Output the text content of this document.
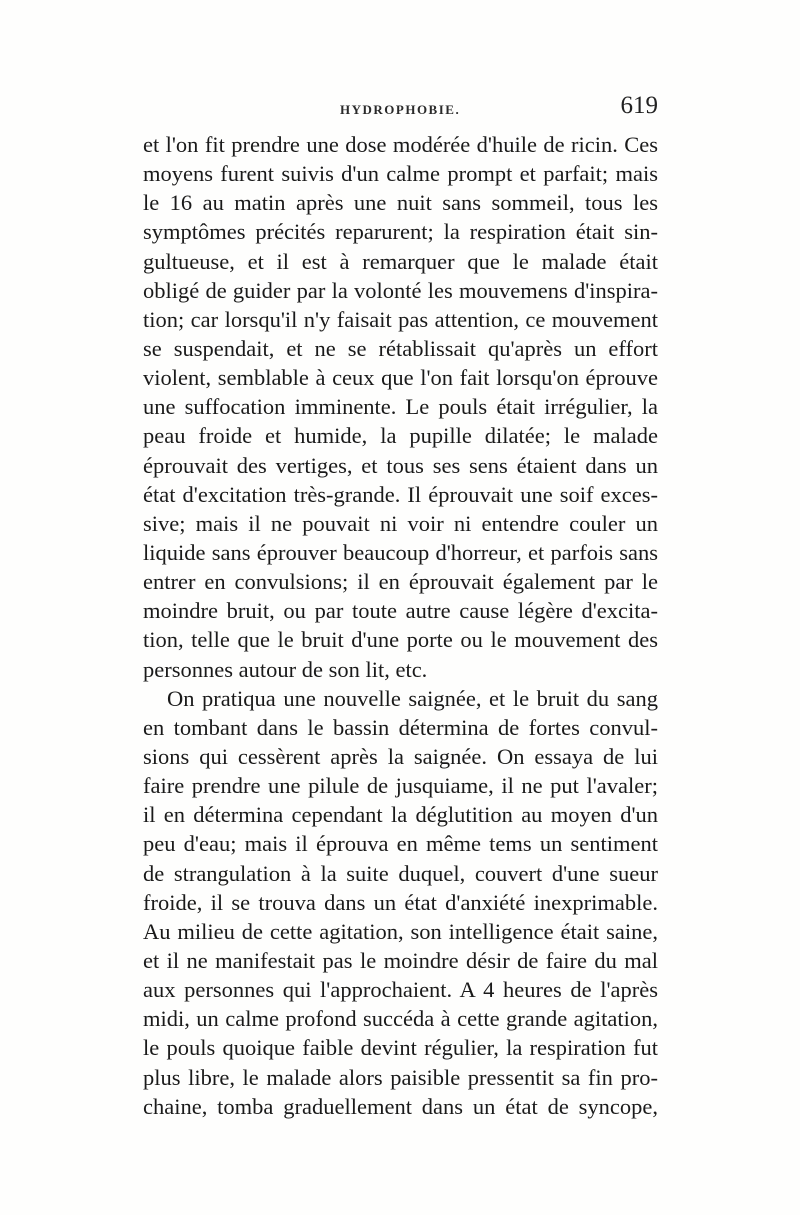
HYDROPHOBIE.	619
et l'on fit prendre une dose modérée d'huile de ricin. Ces
moyens furent suivis d'un calme prompt et parfait; mais
le 16 au matin après une nuit sans sommeil, tous les
symptômes précités reparurent; la respiration était sin-
gultueuse, et il est à remarquer que le malade était
obligé de guider par la volonté les mouvemens d'inspira-
tion; car lorsqu'il n'y faisait pas attention, ce mouvement
se suspendait, et ne se rétablissait qu'après un effort
violent, semblable à ceux que l'on fait lorsqu'on éprouve
une suffocation imminente. Le pouls était irrégulier, la
peau froide et humide, la pupille dilatée; le malade
éprouvait des vertiges, et tous ses sens étaient dans un
état d'excitation très-grande. Il éprouvait une soif exces-
sive; mais il ne pouvait ni voir ni entendre couler un
liquide sans éprouver beaucoup d'horreur, et parfois sans
entrer en convulsions; il en éprouvait également par le
moindre bruit, ou par toute autre cause légère d'excita-
tion, telle que le bruit d'une porte ou le mouvement des
personnes autour de son lit, etc.
On pratiqua une nouvelle saignée, et le bruit du sang
en tombant dans le bassin détermina de fortes convul-
sions qui cessèrent après la saignée. On essaya de lui
faire prendre une pilule de jusquiame, il ne put l'avaler;
il en détermina cependant la déglutition au moyen d'un
peu d'eau; mais il éprouva en même tems un sentiment
de strangulation à la suite duquel, couvert d'une sueur
froide, il se trouva dans un état d'anxiété inexprimable.
Au milieu de cette agitation, son intelligence était saine,
et il ne manifestait pas le moindre désir de faire du mal
aux personnes qui l'approchaient. A 4 heures de l'après
midi, un calme profond succéda à cette grande agitation,
le pouls quoique faible devint régulier, la respiration fut
plus libre, le malade alors paisible pressentit sa fin pro-
chaine, tomba graduellement dans un état de syncope,
